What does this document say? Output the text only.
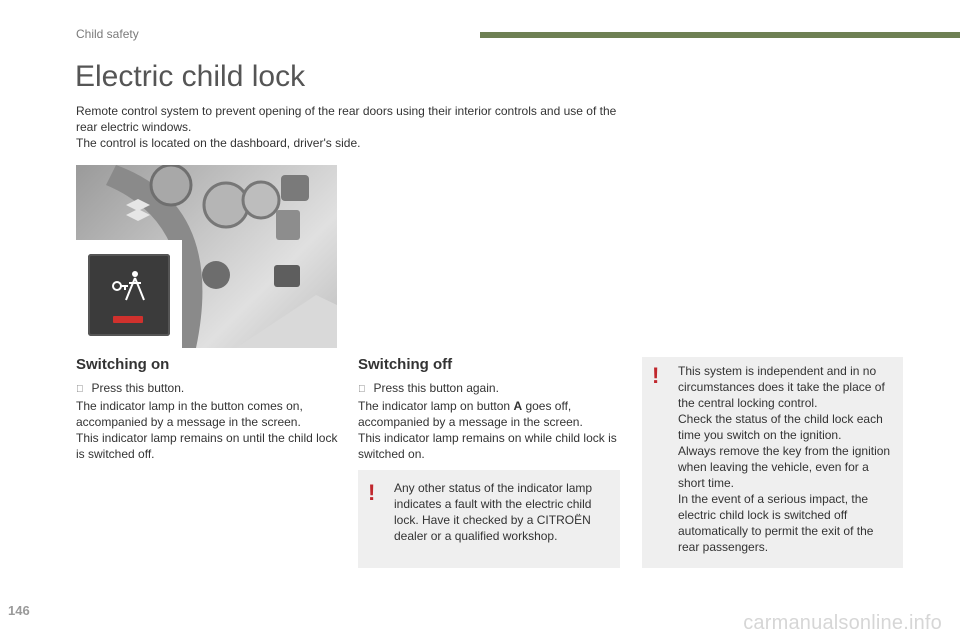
Child safety
Electric child lock

Remote control system to prevent opening of the rear doors using their interior controls and use of the rear electric windows.

The control is located on the dashboard, driver's side.

Switching on

Press this button.

The indicator lamp in the button comes on, accompanied by a message in the screen.

This indicator lamp remains on until the child lock is switched off.

Switching off

Press this button again.

The indicator lamp on button A goes off, accompanied by a message in the screen.

This indicator lamp remains on while child lock is switched on.

! Any other status of the indicator lamp indicates a fault with the electric child lock. Have it checked by a CITROËN dealer or a qualified workshop.
! This system is independent and in no circumstances does it take the place of the central locking control.

Check the status of the child lock each time you switch on the ignition.

Always remove the key from the ignition when leaving the vehicle, even for a short time.

In the event of a serious impact, the electric child lock is switched off automatically to permit the exit of the rear passengers.

146
carmanualsonline.info
